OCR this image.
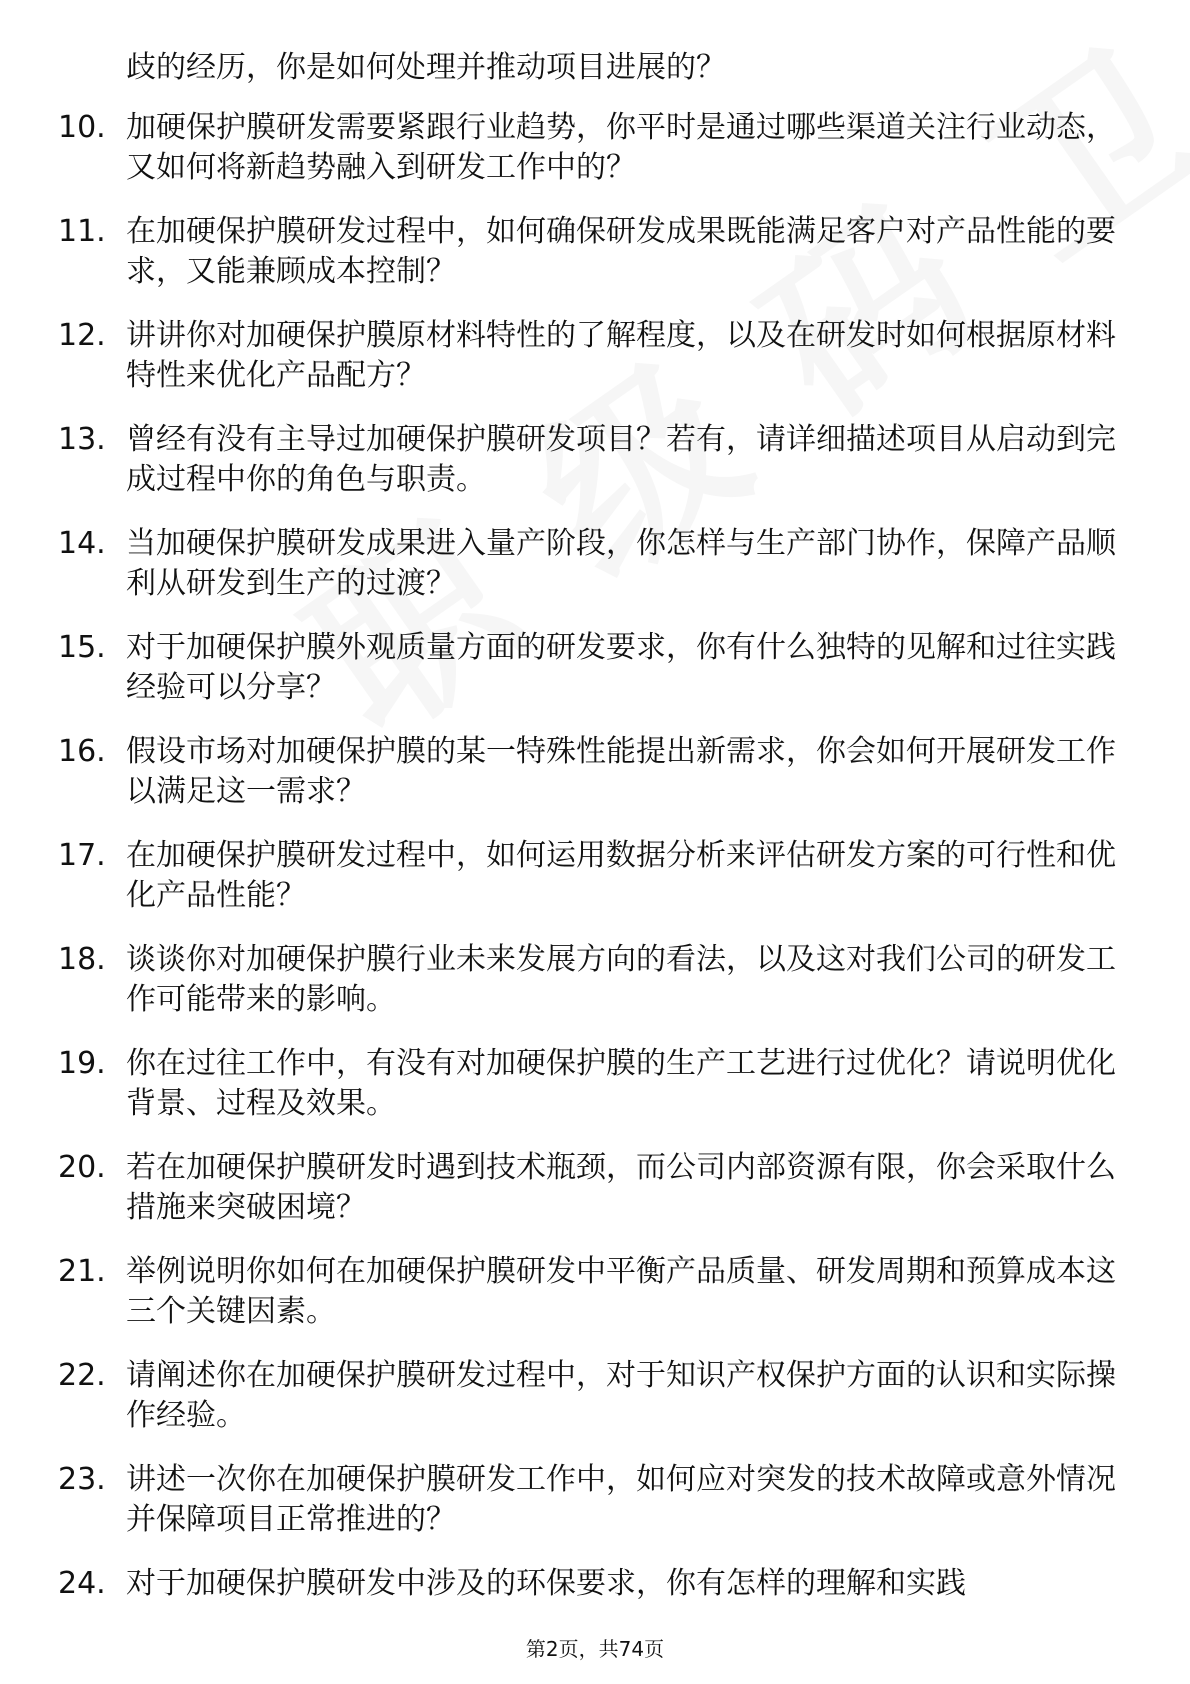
歧的经历，你是如何处理并推动项目进展的？
10. 加硬保护膜研发需要紧跟行业趋势，你平时是通过哪些渠道关注行业动态，又如何将新趋势融入到研发工作中的？
11. 在加硬保护膜研发过程中，如何确保研发成果既能满足客户对产品性能的要求，又能兼顾成本控制？
12. 讲讲你对加硬保护膜原材料特性的了解程度，以及在研发时如何根据原材料特性来优化产品配方？
13. 曾经有没有主导过加硬保护膜研发项目？若有，请详细描述项目从启动到完成过程中你的角色与职责。
14. 当加硬保护膜研发成果进入量产阶段，你怎样与生产部门协作，保障产品顺利从研发到生产的过渡？
15. 对于加硬保护膜外观质量方面的研发要求，你有什么独特的见解和过往实践经验可以分享？
16. 假设市场对加硬保护膜的某一特殊性能提出新需求，你会如何开展研发工作以满足这一需求？
17. 在加硬保护膜研发过程中，如何运用数据分析来评估研发方案的可行性和优化产品性能？
18. 谈谈你对加硬保护膜行业未来发展方向的看法，以及这对我们公司的研发工作可能带来的影响。
19. 你在过往工作中，有没有对加硬保护膜的生产工艺进行过优化？请说明优化背景、过程及效果。
20. 若在加硬保护膜研发时遇到技术瓶颈，而公司内部资源有限，你会采取什么措施来突破困境？
21. 举例说明你如何在加硬保护膜研发中平衡产品质量、研发周期和预算成本这三个关键因素。
22. 请阐述你在加硬保护膜研发过程中，对于知识产权保护方面的认识和实际操作经验。
23. 讲述一次你在加硬保护膜研发工作中，如何应对突发的技术故障或意外情况并保障项目正常推进的？
24. 对于加硬保护膜研发中涉及的环保要求，你有怎样的理解和实践
第2页，共74页
